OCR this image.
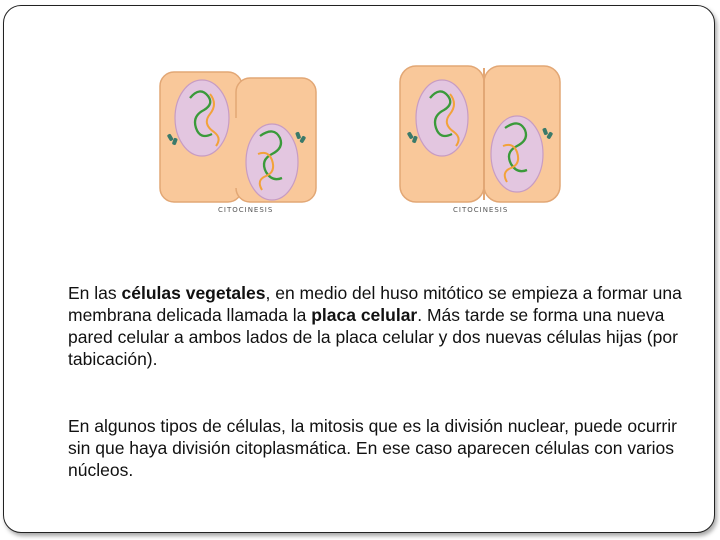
CITOCINESIS	CITOCINESIS
En las células vegetales, en medio del huso mitótico se empieza a formar una membrana delicada llamada la placa celular. Más tarde se forma una nueva pared celular a ambos lados de la placa celular y dos nuevas células hijas (por tabicación).
En algunos tipos de células, la mitosis que es la división nuclear, puede ocurrir sin que haya división citoplasmática. En ese caso aparecen células con varios núcleos.
